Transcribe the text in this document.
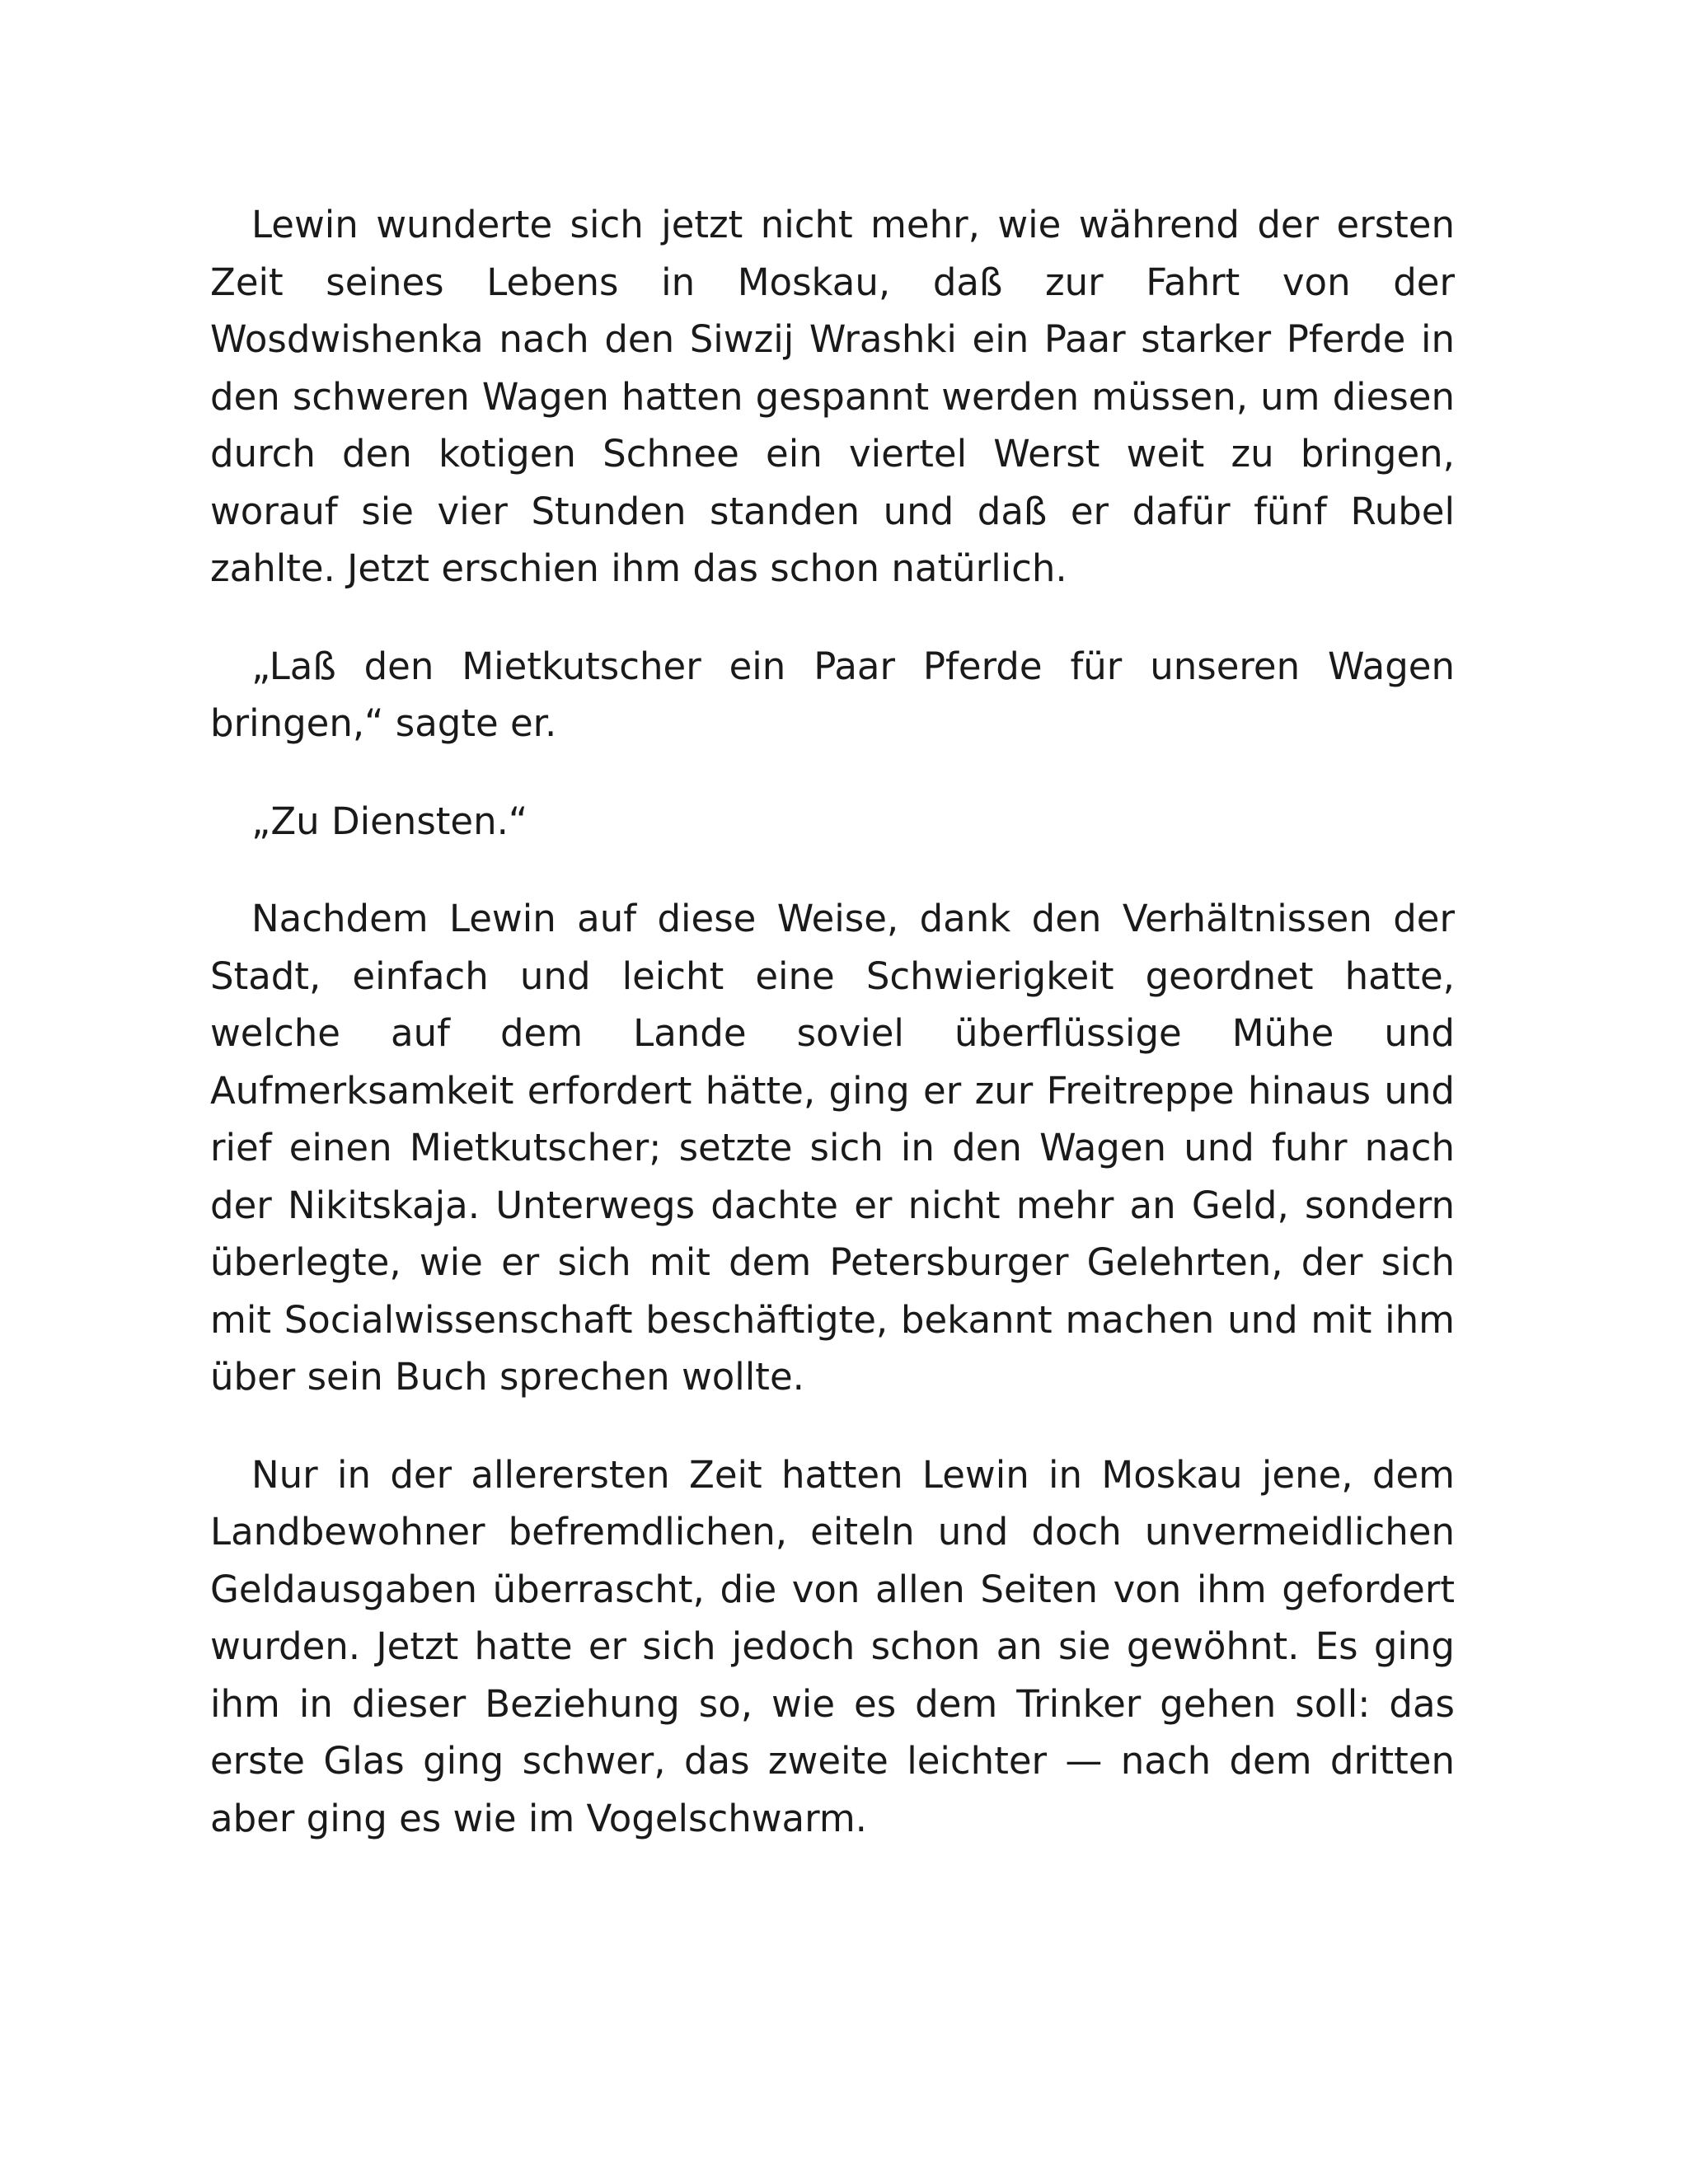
Lewin wunderte sich jetzt nicht mehr, wie während der ersten Zeit seines Lebens in Moskau, daß zur Fahrt von der Wosdwishenka nach den Siwzij Wrashki ein Paar starker Pferde in den schweren Wagen hatten gespannt werden müssen, um diesen durch den kotigen Schnee ein viertel Werst weit zu bringen, worauf sie vier Stunden standen und daß er dafür fünf Rubel zahlte. Jetzt erschien ihm das schon natürlich.

„Laß den Mietkutscher ein Paar Pferde für unseren Wagen bringen,“ sagte er.

„Zu Diensten.“

Nachdem Lewin auf diese Weise, dank den Verhältnissen der Stadt, einfach und leicht eine Schwierigkeit geordnet hatte, welche auf dem Lande soviel überflüssige Mühe und Aufmerksamkeit erfordert hätte, ging er zur Freitreppe hinaus und rief einen Mietkutscher; setzte sich in den Wagen und fuhr nach der Nikitskaja. Unterwegs dachte er nicht mehr an Geld, sondern überlegte, wie er sich mit dem Petersburger Gelehrten, der sich mit Socialwissenschaft beschäftigte, bekannt machen und mit ihm über sein Buch sprechen wollte.

Nur in der allerersten Zeit hatten Lewin in Moskau jene, dem Landbewohner befremdlichen, eiteln und doch unvermeidlichen Geldausgaben überrascht, die von allen Seiten von ihm gefordert wurden. Jetzt hatte er sich jedoch schon an sie gewöhnt. Es ging ihm in dieser Beziehung so, wie es dem Trinker gehen soll: das erste Glas ging schwer, das zweite leichter — nach dem dritten aber ging es wie im Vogelschwarm.
